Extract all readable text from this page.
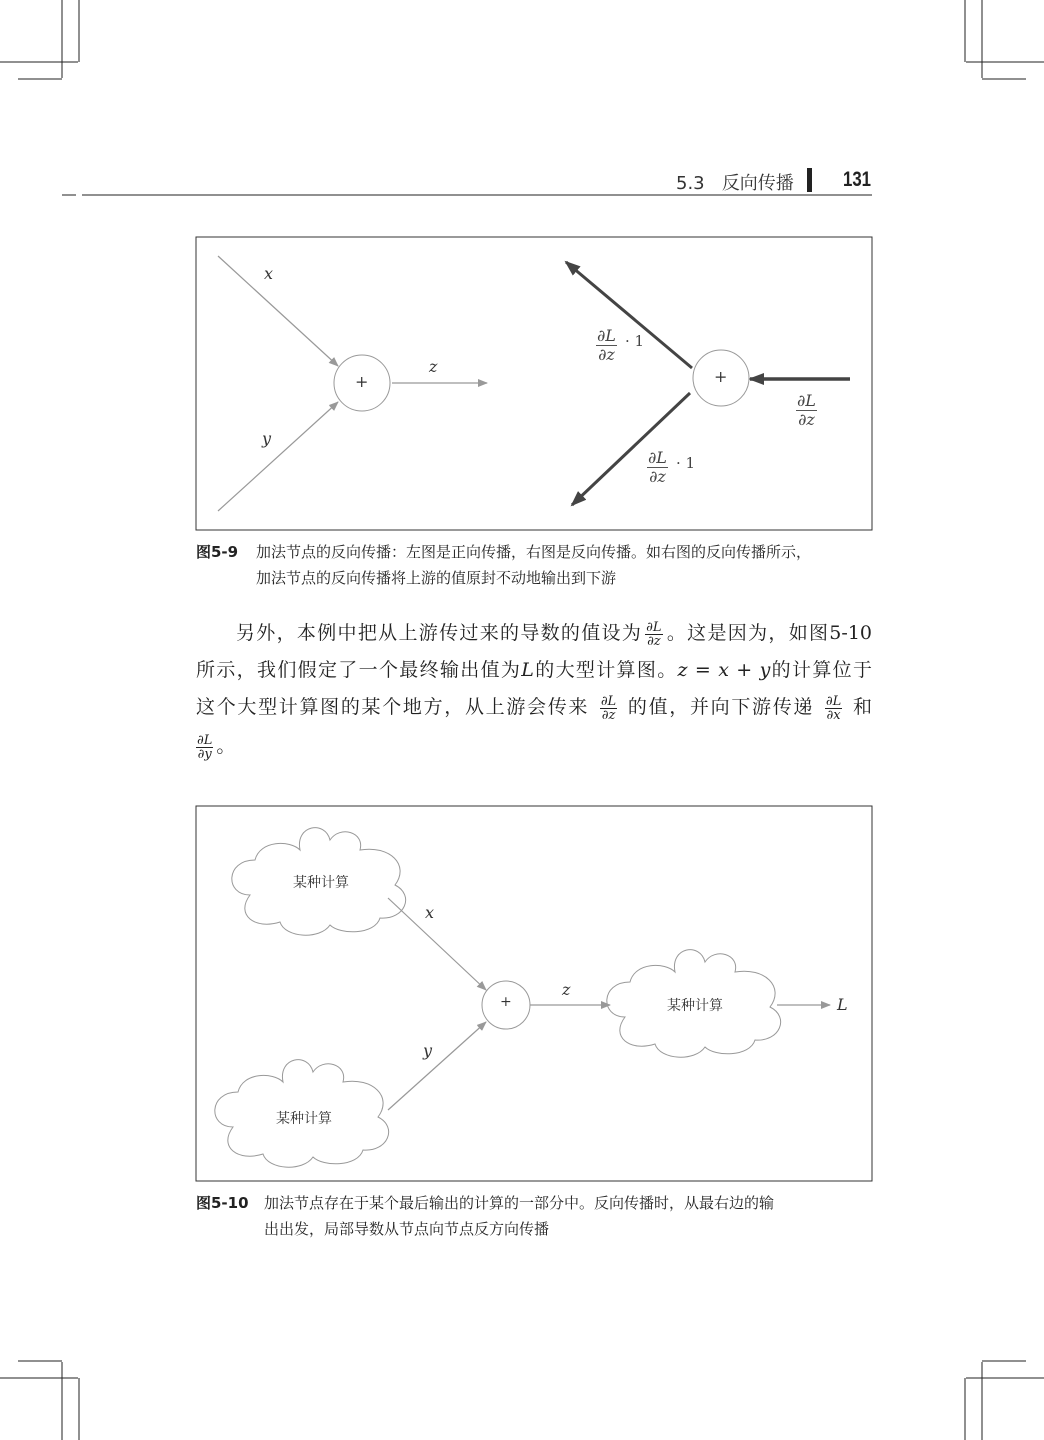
5.3 反向传播 131
x
y
z
+	+
$\frac{\partial L}{\partial z} \cdot 1$
$\frac{\partial L}{\partial z}$
$\frac{\partial L}{\partial z} \cdot 1$
图5-9 加法节点的反向传播：左图是正向传播，右图是反向传播。如右图的反向传播所示，
加法节点的反向传播将上游的值原封不动地输出到下游
另外，本例中把从上游传过来的导数的值设为 $\frac{\partial L}{\partial z}$ 。这是因为，如图5-10
所示，我们假定了一个最终输出值为L的大型计算图。z = x + y的计算位于
这个大型计算图的某个地方，从上游会传来 $\frac{\partial L}{\partial z}$ 的值，并向下游传递 $\frac{\partial L}{\partial x}$ 和
$\frac{\partial L}{\partial y}$ 。
某种计算
某种计算
某种计算
x
y
z
L
+
图5-10 加法节点存在于某个最后输出的计算的一部分中。反向传播时，从最右边的输
出出发，局部导数从节点向节点反方向传播
